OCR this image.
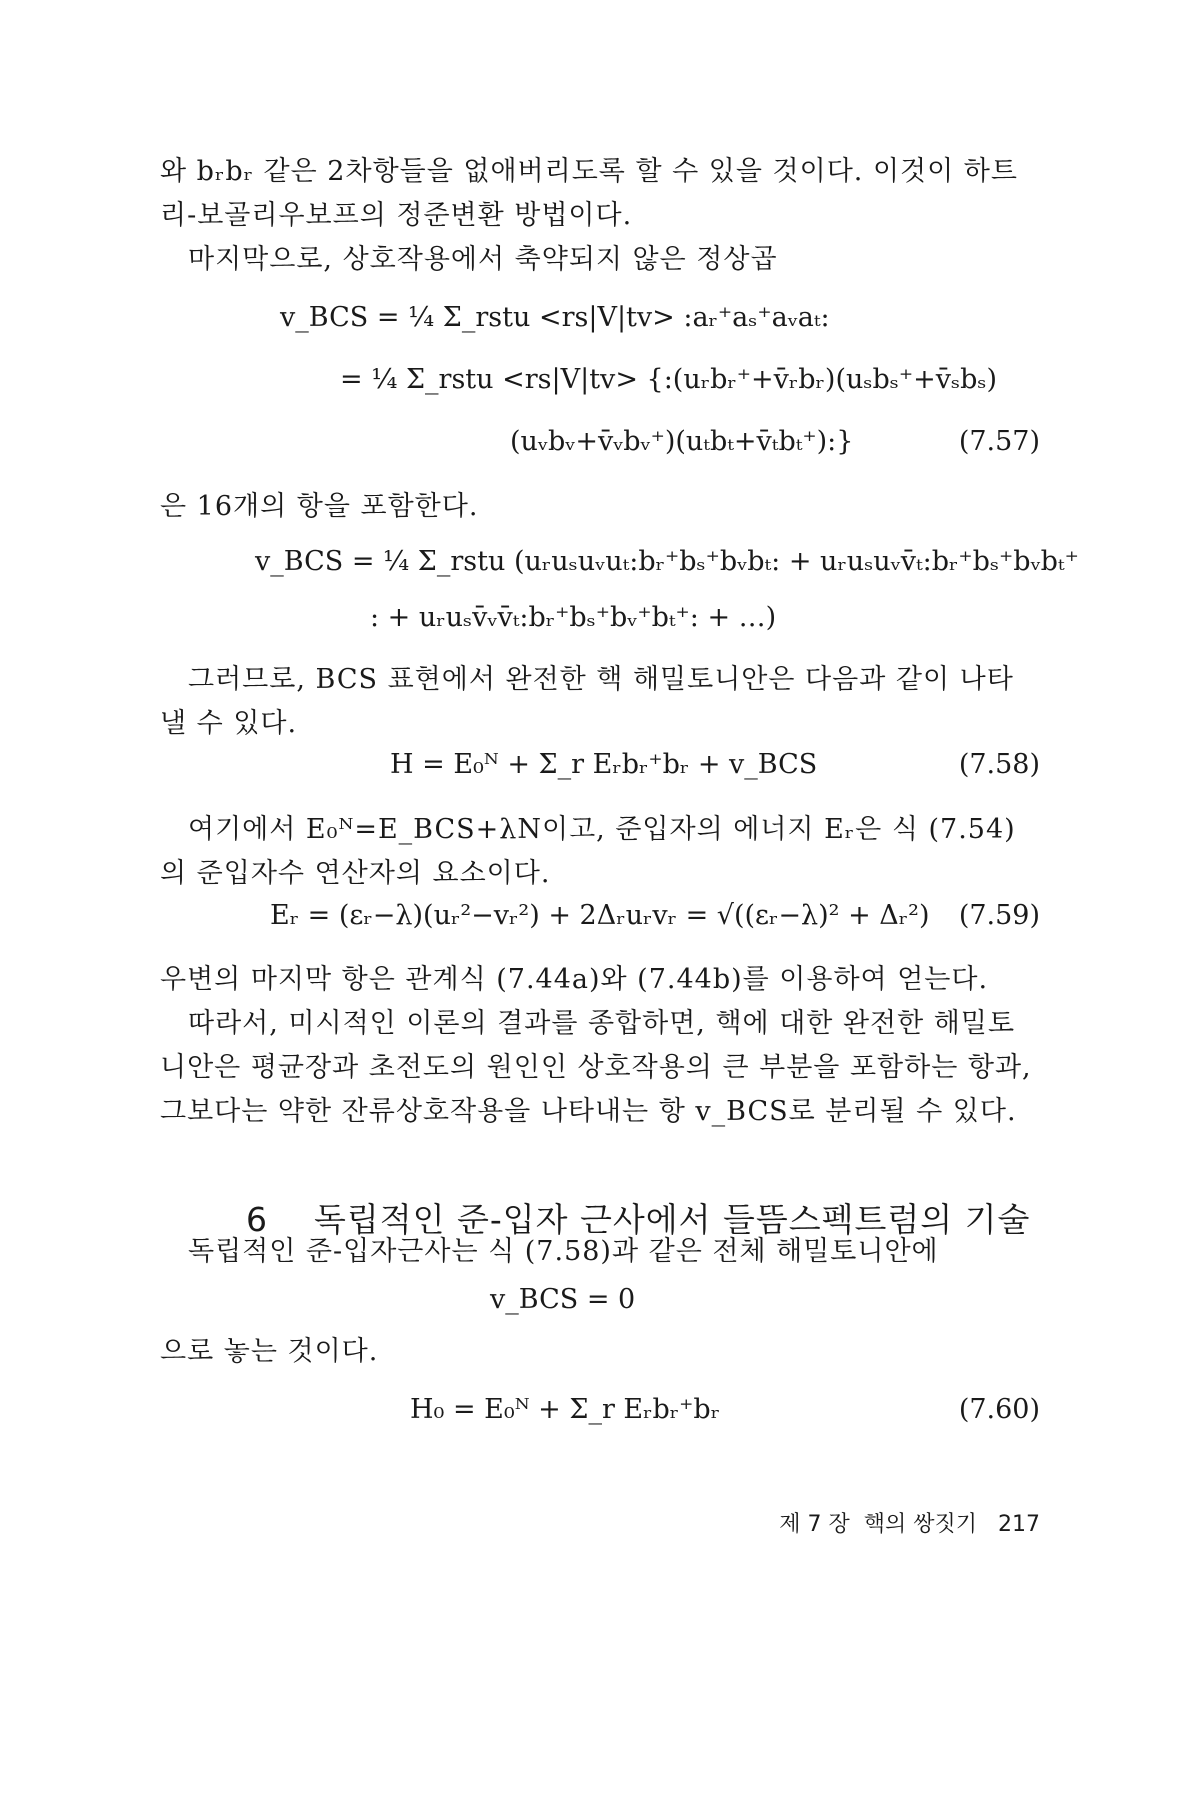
와 bᵣbᵣ 같은 2차항들을 없애버리도록 할 수 있을 것이다. 이것이 하트리-보골리우보프의 정준변환 방법이다.
마지막으로, 상호작용에서 축약되지 않은 정상곱
v_BCS = ¼ Σ_rstu <rs|V|tv> :aᵣ⁺aₛ⁺aᵥaₜ:
= ¼ Σ_rstu <rs|V|tv> {:(uᵣbᵣ⁺+v̄ᵣbᵣ)(uₛbₛ⁺+v̄ₛbₛ)
(uᵥbᵥ+v̄ᵥbᵥ⁺)(uₜbₜ+v̄ₜbₜ⁺):}	(7.57)
은 16개의 항을 포함한다.
v_BCS = ¼ Σ_rstu (uᵣuₛuᵥuₜ:bᵣ⁺bₛ⁺bᵥbₜ: + uᵣuₛuᵥv̄ₜ:bᵣ⁺bₛ⁺bᵥbₜ⁺
: + uᵣuₛv̄ᵥv̄ₜ:bᵣ⁺bₛ⁺bᵥ⁺bₜ⁺: + …)
그러므로, BCS 표현에서 완전한 핵 해밀토니안은 다음과 같이 나타낼 수 있다.
H = E₀ᴺ + Σ_r Eᵣbᵣ⁺bᵣ + v_BCS	(7.58)
여기에서 E₀ᴺ=E_BCS+λN이고, 준입자의 에너지 Eᵣ은 식 (7.54)의 준입자수 연산자의 요소이다.
Eᵣ = (εᵣ−λ)(uᵣ²−vᵣ²) + 2Δᵣuᵣvᵣ = √((εᵣ−λ)² + Δᵣ²) (7.59)
우변의 마지막 항은 관계식 (7.44a)와 (7.44b)를 이용하여 얻는다.
따라서, 미시적인 이론의 결과를 종합하면, 핵에 대한 완전한 해밀토니안은 평균장과 초전도의 원인인 상호작용의 큰 부분을 포함하는 항과, 그보다는 약한 잔류상호작용을 나타내는 항 v_BCS로 분리될 수 있다.

6 독립적인 준-입자 근사에서 들뜸스펙트럼의 기술

독립적인 준-입자근사는 식 (7.58)과 같은 전체 해밀토니안에
v_BCS = 0
으로 놓는 것이다.
H₀ = E₀ᴺ + Σ_r Eᵣbᵣ⁺bᵣ	(7.60)

제 7 장  핵의 쌍짓기 217
